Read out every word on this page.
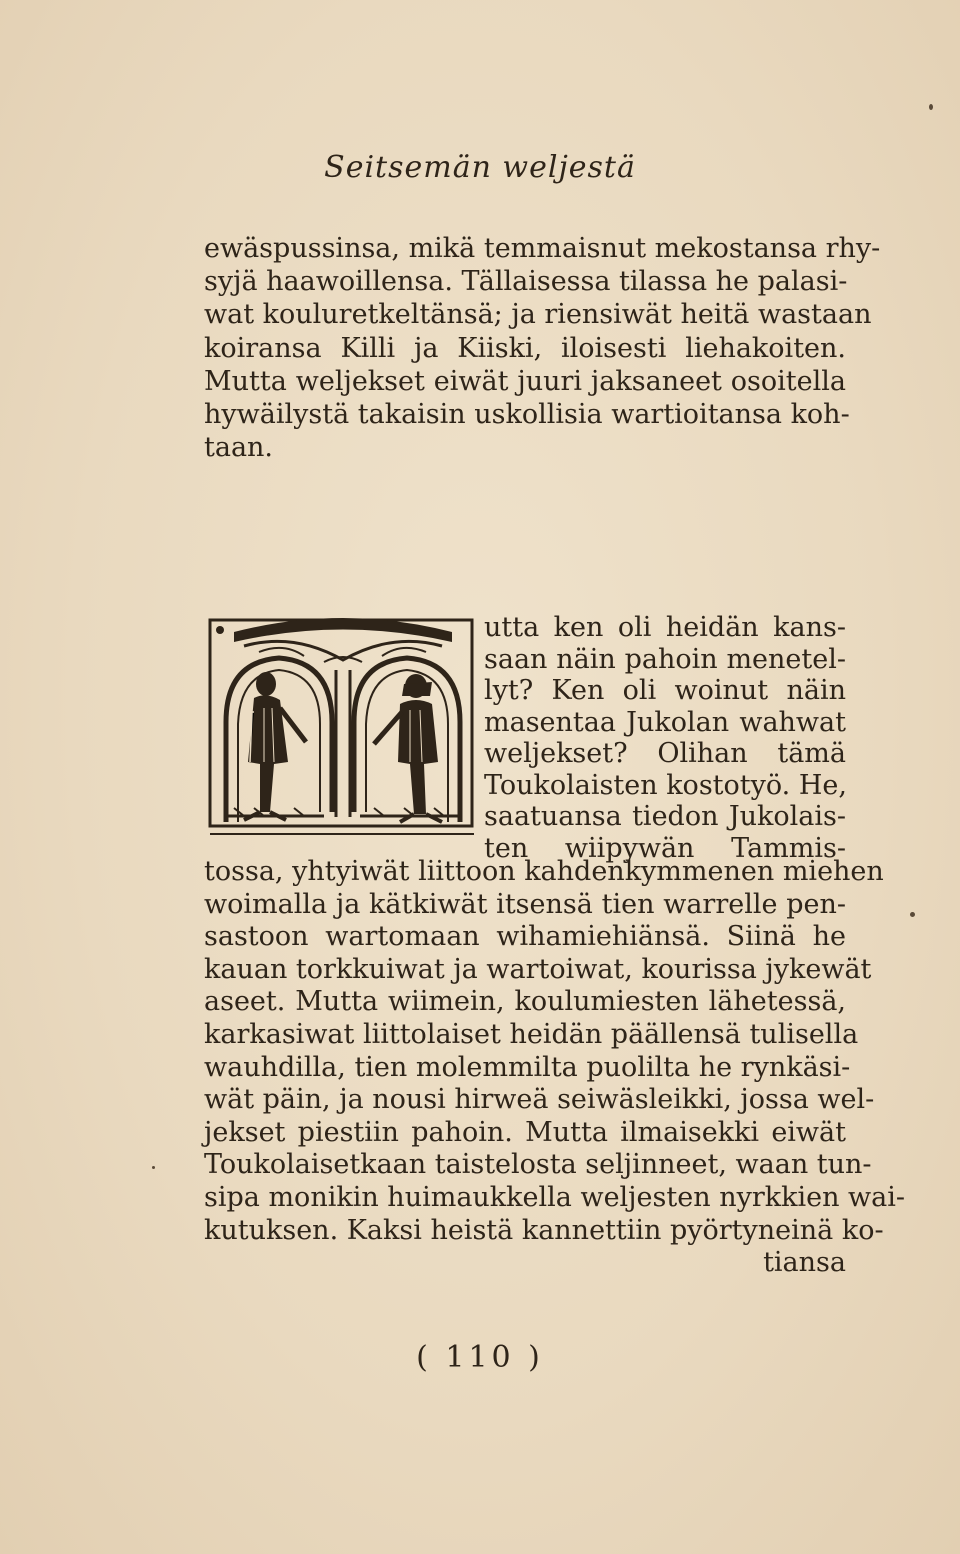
Seitsemän weljestä
ewäspussinsa, mikä temmaisnut mekostansa rhy-
syjä haawoillensa. Tällaisessa tilassa he palasi-
wat kouluretkeltänsä; ja riensiwät heitä wastaan
koiransa Killi ja Kiiski, iloisesti liehakoiten.
Mutta weljekset eiwät juuri jaksaneet osoitella
hywäilystä takaisin uskollisia wartioitansa koh-
taan.
utta ken oli heidän kans-
saan näin pahoin menetel-
lyt? Ken oli woinut näin
masentaa Jukolan wahwat
weljekset? Olihan tämä
Toukolaisten kostotyö. He,
saatuansa tiedon Jukolais-
ten wiipywän Tammis-
tossa, yhtyiwät liittoon kahdenkymmenen miehen
woimalla ja kätkiwät itsensä tien warrelle pen-
sastoon wartomaan wihamiehiänsä. Siinä he
kauan torkkuiwat ja wartoiwat, kourissa jykewät
aseet. Mutta wiimein, koulumiesten lähetessä,
karkasiwat liittolaiset heidän päällensä tulisella
wauhdilla, tien molemmilta puolilta he rynkäsi-
wät päin, ja nousi hirweä seiwäsleikki, jossa wel-
jekset piestiin pahoin. Mutta ilmaisekki eiwät
Toukolaisetkaan taistelosta seljinneet, waan tun-
sipa monikin huimaukkella weljesten nyrkkien wai-
kutuksen. Kaksi heistä kannettiin pyörtyneinä ko-
tiansa
( 110 )
